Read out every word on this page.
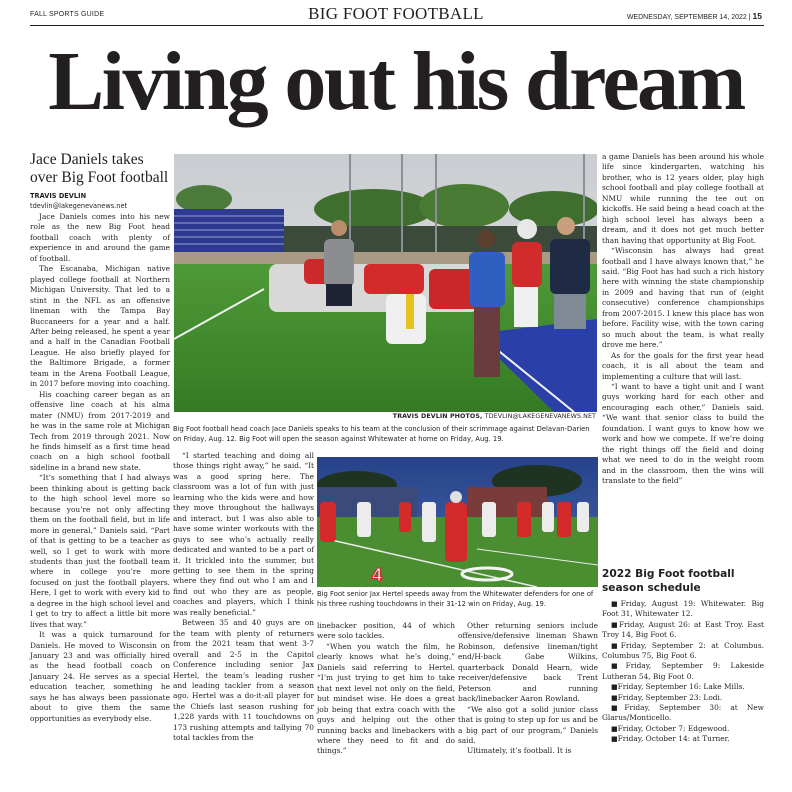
FALL SPORTS GUIDE	BIG FOOT FOOTBALL	WEDNESDAY, SEPTEMBER 14, 2022 | 15
Living out his dream
Jace Daniels takes over Big Foot football
TRAVIS DEVLIN
tdevlin@lakegenevanews.net

Jace Daniels comes into his new role as the new Big Foot head football coach with plenty of experience in and around the game of football.

The Escanaba, Michigan native played college football at Northern Michigan University. That led to a stint in the NFL as an offensive lineman with the Tampa Bay Buccaneers for a year and a half. After being released, he spent a year and a half in the Canadian Football League. He also briefly played for the Baltimore Brigade, a former team in the Arena Football League, in 2017 before moving into coaching.

His coaching career began as an offensive line coach at his alma mater (NMU) from 2017-2019 and he was in the same role at Michigan Tech from 2019 through 2021. Now he finds himself as a first time head coach on a high school football sideline in a brand new state.

“It’s something that I had always been thinking about is getting back to the high school level more so because you’re not only affecting them on the football field, but in life more in general,” Daniels said. “Part of that is getting to be a teacher as well, so I get to work with more students than just the football team where in college you’re more focused on just the football players. Here, I get to work with every kid to a degree in the high school level and I get to try to affect a little bit more lives that way.”

It was a quick turnaround for Daniels. He moved to Wisconsin on January 23 and was officially hired as the head football coach on January 24. He serves as a special education teacher, something he says he has always been passionate about to give them the same opportunities as everybody else.

TRAVIS DEVLIN PHOTOS, TDEVLIN@LAKEGENEVANEWS.NET
Big Foot football head coach Jace Daniels speaks to his team at the conclusion of their scrimmage against Delavan-Darien on Friday, Aug. 12. Big Foot will open the season against Whitewater at home on Friday, Aug. 19.

“I started teaching and doing all those things right away,” he said. “It was a good spring here. The classroom was a lot of fun with just learning who the kids were and how they move throughout the hallways and interact, but I was also able to have some winter workouts with the guys to see who’s actually really dedicated and wanted to be a part of it. It trickled into the summer, but getting to see them in the spring where they find out who I am and I find out who they are as people, coaches and players, which I think was really beneficial.”

Between 35 and 40 guys are on the team with plenty of returners from the 2021 team that went 3-7 overall and 2-5 in the Capitol Conference including senior Jax Hertel, the team’s leading rusher and leading tackler from a season ago. Hertel was a do-it-all player for the Chiefs last season rushing for 1,228 yards with 11 touchdowns on 173 rushing attempts and tallying 70 total tackles from the

4
Big Foot senior Jax Hertel speeds away from the Whitewater defenders for one of his three rushing touchdowns in their 31-12 win on Friday, Aug. 19.

linebacker position, 44 of which were solo tackles.

“When you watch the film, he clearly knows what he’s doing,” Daniels said referring to Hertel. “I’m just trying to get him to take that next level not only on the field, but mindset wise. He does a great job being that extra coach with the guys and helping out the other running backs and linebackers with where they need to fit and do things.”

Other returning seniors include offensive/defensive lineman Shawn Robinson, defensive lineman/tight end/H-back Gabe Wilkins, quarterback Donald Hearn, wide receiver/defensive back Trent Peterson and running back/linebacker Aaron Rowland.

“We also got a solid junior class that is going to step up for us and be a big part of our program,” Daniels said.

Ultimately, it’s football. It is

a game Daniels has been around his whole life since kindergarten, watching his brother, who is 12 years older, play high school football and play college football at NMU while running the tee out on kickoffs. He said being a head coach at the high school level has always been a dream, and it does not get much better than having that opportunity at Big Foot.

“Wisconsin has always had great football and I have always known that,” he said. “Big Foot has had such a rich history here with winning the state championship in 2009 and having that run of (eight consecutive) conference championships from 2007-2015. I knew this place has won before. Facility wise, with the town caring so much about the team, is what really drove me here.”

As for the goals for the first year head coach, it is all about the team and implementing a culture that will last.

“I want to have a tight unit and I want guys working hard for each other and encouraging each other,” Daniels said. “We want that senior class to build the foundation. I want guys to know how we work and how we compete. If we’re doing the right things off the field and doing what we need to do in the weight room and in the classroom, then the wins will translate to the field”

2022 Big Foot football season schedule

■ Friday, August 19: Whitewater. Big Foot 31, Whitewater 12.

■ Friday, August 26: at East Troy. East Troy 14, Big Foot 6.

■ Friday, September 2: at Columbus. Columbus 75, Big Foot 6.

■ Friday, September 9: Lakeside Lutheran 54, Big Foot 0.

■ Friday, September 16: Lake Mills.

■ Friday, September 23: Lodi.

■ Friday, September 30: at New Glarus/Monticello.

■ Friday, October 7: Edgewood.

■ Friday, October 14: at Turner.
